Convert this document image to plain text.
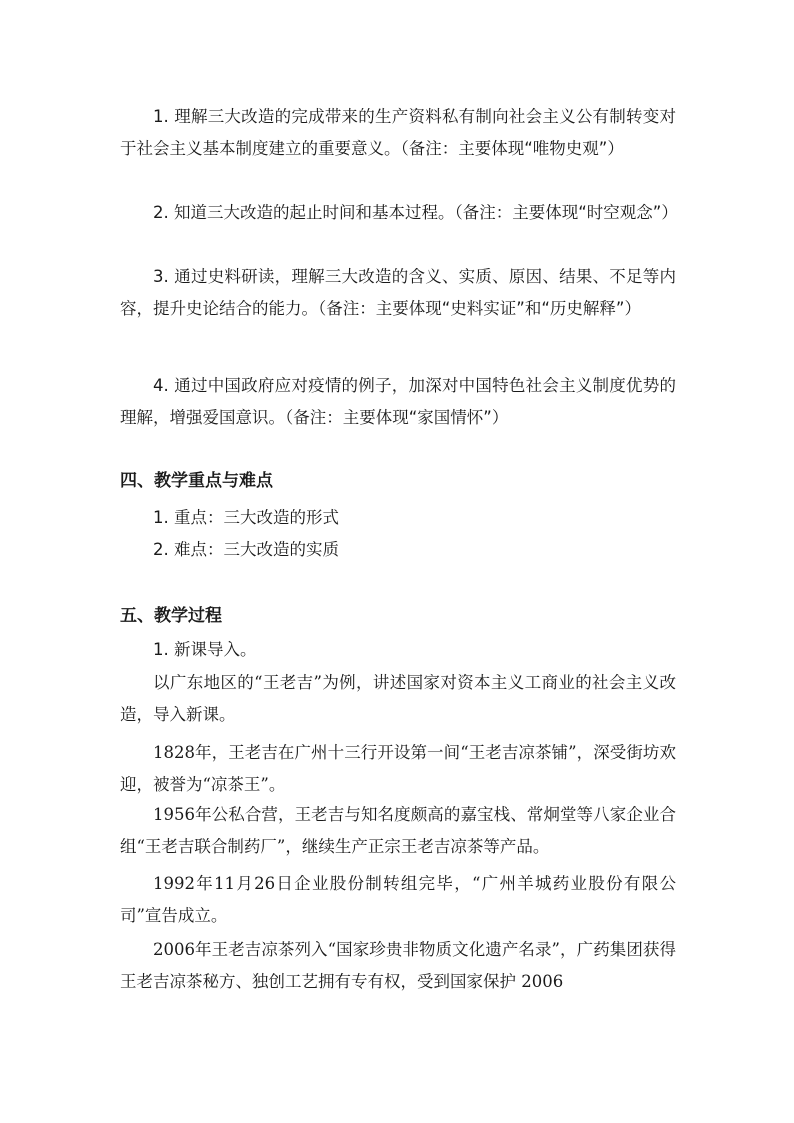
1. 理解三大改造的完成带来的生产资料私有制向社会主义公有制转变对于社会主义基本制度建立的重要意义。（备注：主要体现“唯物史观”）

2. 知道三大改造的起止时间和基本过程。（备注：主要体现“时空观念”）

3. 通过史料研读，理解三大改造的含义、实质、原因、结果、不足等内容，提升史论结合的能力。（备注：主要体现“史料实证”和“历史解释”）

4. 通过中国政府应对疫情的例子，加深对中国特色社会主义制度优势的理解，增强爱国意识。（备注：主要体现“家国情怀”）

四、教学重点与难点

1. 重点：三大改造的形式

2. 难点：三大改造的实质

五、教学过程

1. 新课导入。

以广东地区的“王老吉”为例，讲述国家对资本主义工商业的社会主义改造，导入新课。

1828年，王老吉在广州十三行开设第一间“王老吉凉茶铺”，深受街坊欢迎，被誉为“凉茶王”。

1956年公私合营，王老吉与知名度颇高的嘉宝栈、常炯堂等八家企业合组“王老吉联合制药厂”，继续生产正宗王老吉凉茶等产品。

1992年11月26日企业股份制转组完毕，“广州羊城药业股份有限公司”宣告成立。

2006年王老吉凉茶列入“国家珍贵非物质文化遗产名录”，广药集团获得王老吉凉茶秘方、独创工艺拥有专有权，受到国家保护 2006
